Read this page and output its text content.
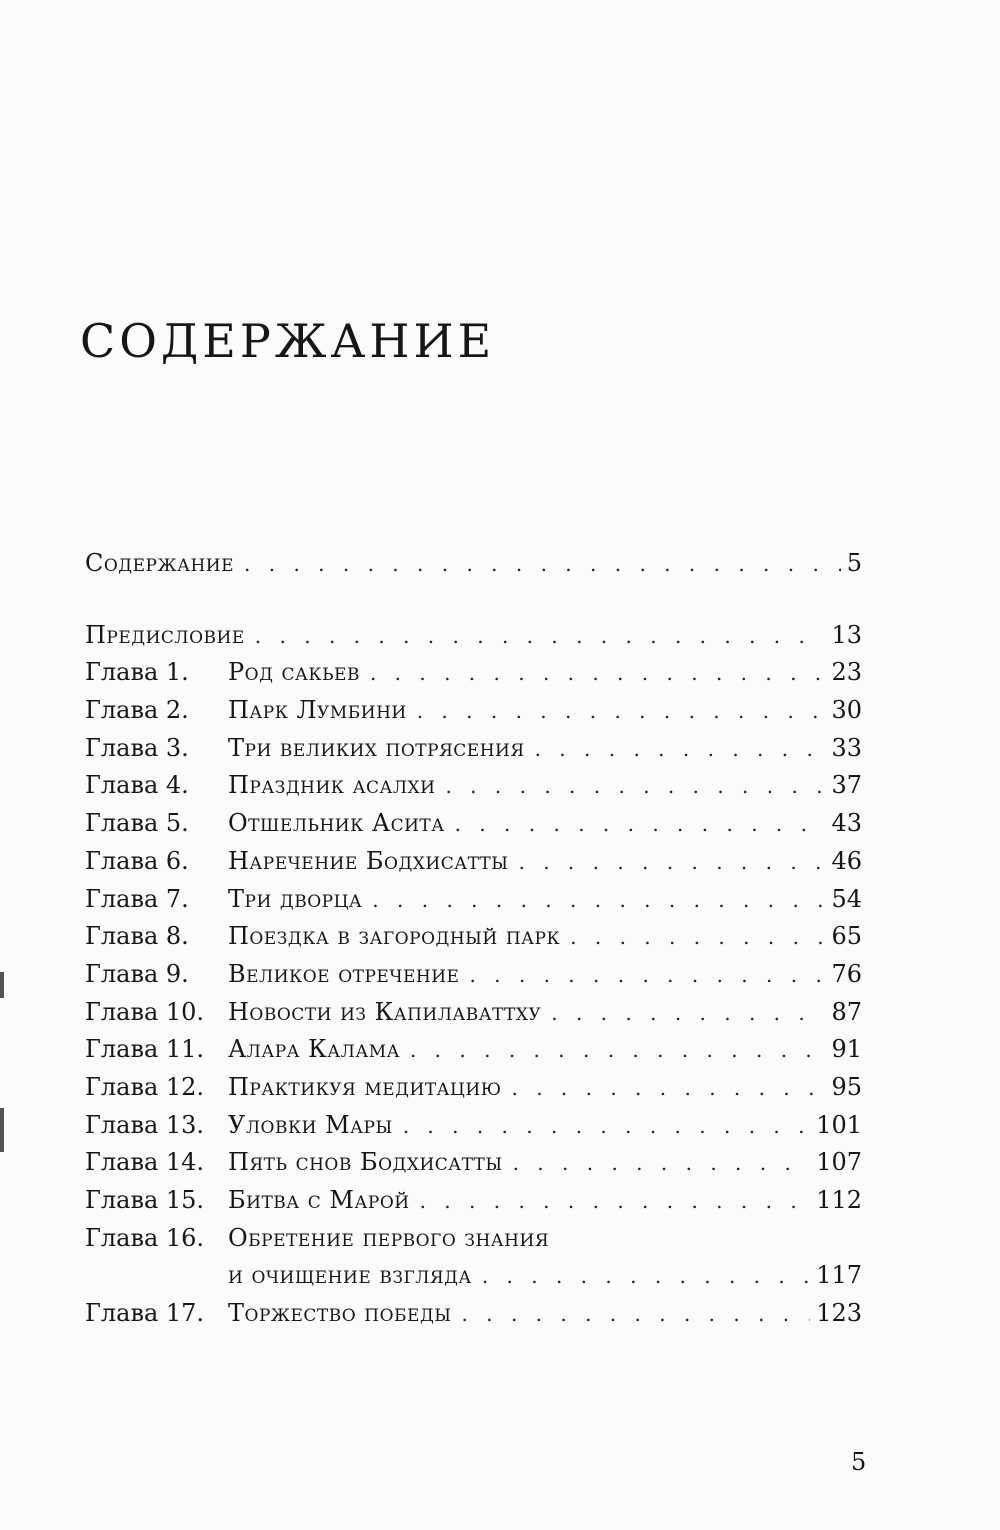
СОДЕРЖАНИЕ
Содержание . . .	5
Предисловие . . .	13
Глава 1.	Род сакьев . . .	23
Глава 2.	Парк Лумбини . . .	30
Глава 3.	Три великих потрясения . . .	33
Глава 4.	Праздник асалхи . . .	37
Глава 5.	Отшельник Асита . . .	43
Глава 6.	Наречение Бодхисатты . . .	46
Глава 7.	Три дворца . . .	54
Глава 8.	Поездка в загородный парк . . .	65
Глава 9.	Великое отречение . . .	76
Глава 10. Новости из Капилаваттху . . .	87
Глава 11. Алара Калама . . .	91
Глава 12. Практикуя медитацию . . .	95
Глава 13. Уловки Мары . . .	101
Глава 14. Пять снов Бодхисатты . . .	107
Глава 15. Битва с Марой . . .	112
Глава 16. Обретение первого знания
и очищение взгляда . . .	117
Глава 17. Торжество победы . . .	123
5
